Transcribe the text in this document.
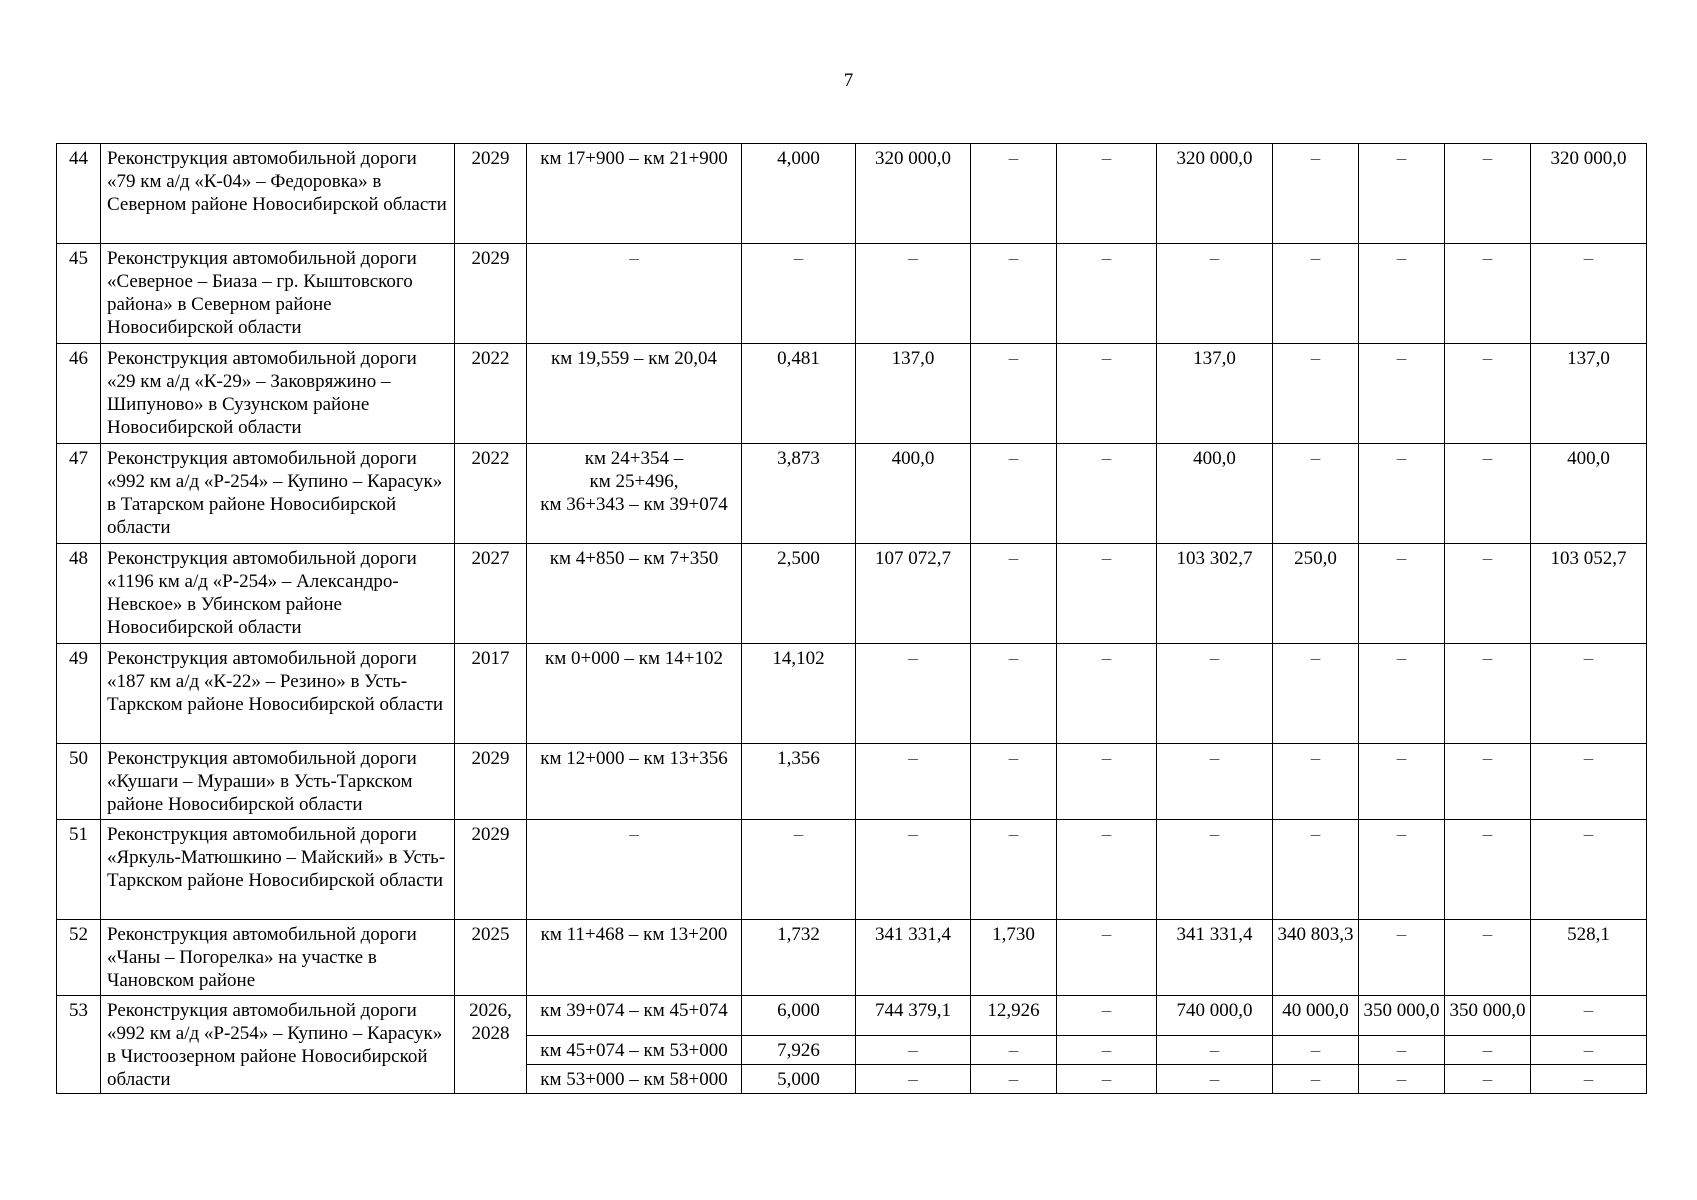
7
44	Реконструкция автомобильной дороги «79 км а/д «К-04» – Федоровка» в Северном районе Новосибирской области	2029	км 17+900 – км 21+900	4,000	320 000,0	–	–	320 000,0	–	–	–	320 000,0
45	Реконструкция автомобильной дороги «Северное – Биаза – гр. Кыштовского района» в Северном районе Новосибирской области	2029	–	–	–	–	–	–	–	–	–	–
46	Реконструкция автомобильной дороги «29 км а/д «К-29» – Заковряжино – Шипуново» в Сузунском районе Новосибирской области	2022	км 19,559 – км 20,04	0,481	137,0	–	–	137,0	–	–	–	137,0
47	Реконструкция автомобильной дороги «992 км а/д «Р-254» – Купино – Карасук» в Татарском районе Новосибирской области	2022	км 24+354 –
км 25+496,
км 36+343 – км 39+074	3,873	400,0	–	–	400,0	–	–	–	400,0
48	Реконструкция автомобильной дороги «1196 км а/д «Р-254» – Александро-Невское» в Убинском районе Новосибирской области	2027	км 4+850 – км 7+350	2,500	107 072,7	–	–	103 302,7	250,0	–	–	103 052,7
49	Реконструкция автомобильной дороги «187 км а/д «К-22» – Резино» в Усть-Таркском районе Новосибирской области	2017	км 0+000 – км 14+102	14,102	–	–	–	–	–	–	–	–
50	Реконструкция автомобильной дороги «Кушаги – Мураши» в Усть-Таркском районе Новосибирской области	2029	км 12+000 – км 13+356	1,356	–	–	–	–	–	–	–	–
51	Реконструкция автомобильной дороги «Яркуль-Матюшкино – Майский» в Усть-Таркском районе Новосибирской области	2029	–	–	–	–	–	–	–	–	–	–
52	Реконструкция автомобильной дороги «Чаны – Погорелка» на участке в Чановском районе	2025	км 11+468 – км 13+200	1,732	341 331,4	1,730	–	341 331,4	340 803,3	–	–	528,1
53	Реконструкция автомобильной дороги «992 км а/д «Р-254» – Купино – Карасук» в Чистоозерном районе Новосибирской области	2026, 2028	км 39+074 – км 45+074	6,000	744 379,1	12,926	–	740 000,0	40 000,0	350 000,0	350 000,0	–

			км 45+074 – км 53+000	7,926	–	–	–	–	–	–	–	–

			км 53+000 – км 58+000	5,000	–	–	–	–	–	–	–	–
